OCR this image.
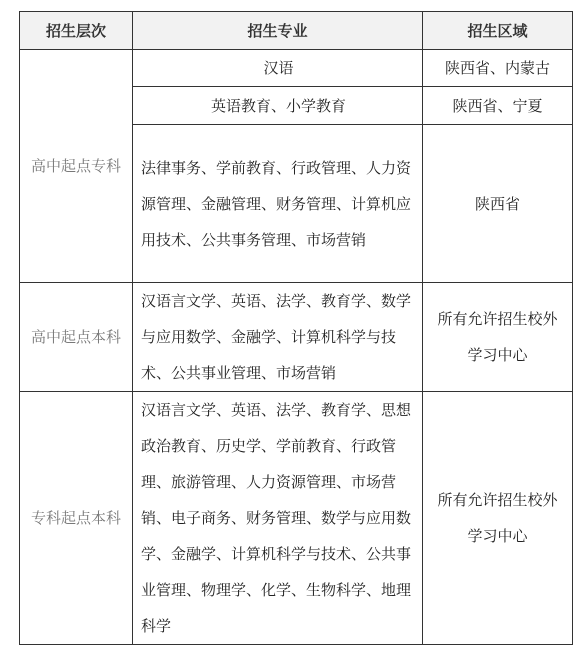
招生层次	招生专业	招生区域
高中起点专科	汉语	陕西省、内蒙古
	英语教育、小学教育	陕西省、宁夏
	法律事务、学前教育、行政管理、人力资源管理、金融管理、财务管理、计算机应用技术、公共事务管理、市场营销	陕西省
高中起点本科	汉语言文学、英语、法学、教育学、数学与应用数学、金融学、计算机科学与技术、公共事业管理、市场营销	所有允许招生校外学习中心
专科起点本科	汉语言文学、英语、法学、教育学、思想政治教育、历史学、学前教育、行政管理、旅游管理、人力资源管理、市场营销、电子商务、财务管理、数学与应用数学、金融学、计算机科学与技术、公共事业管理、物理学、化学、生物科学、地理科学	所有允许招生校外学习中心
